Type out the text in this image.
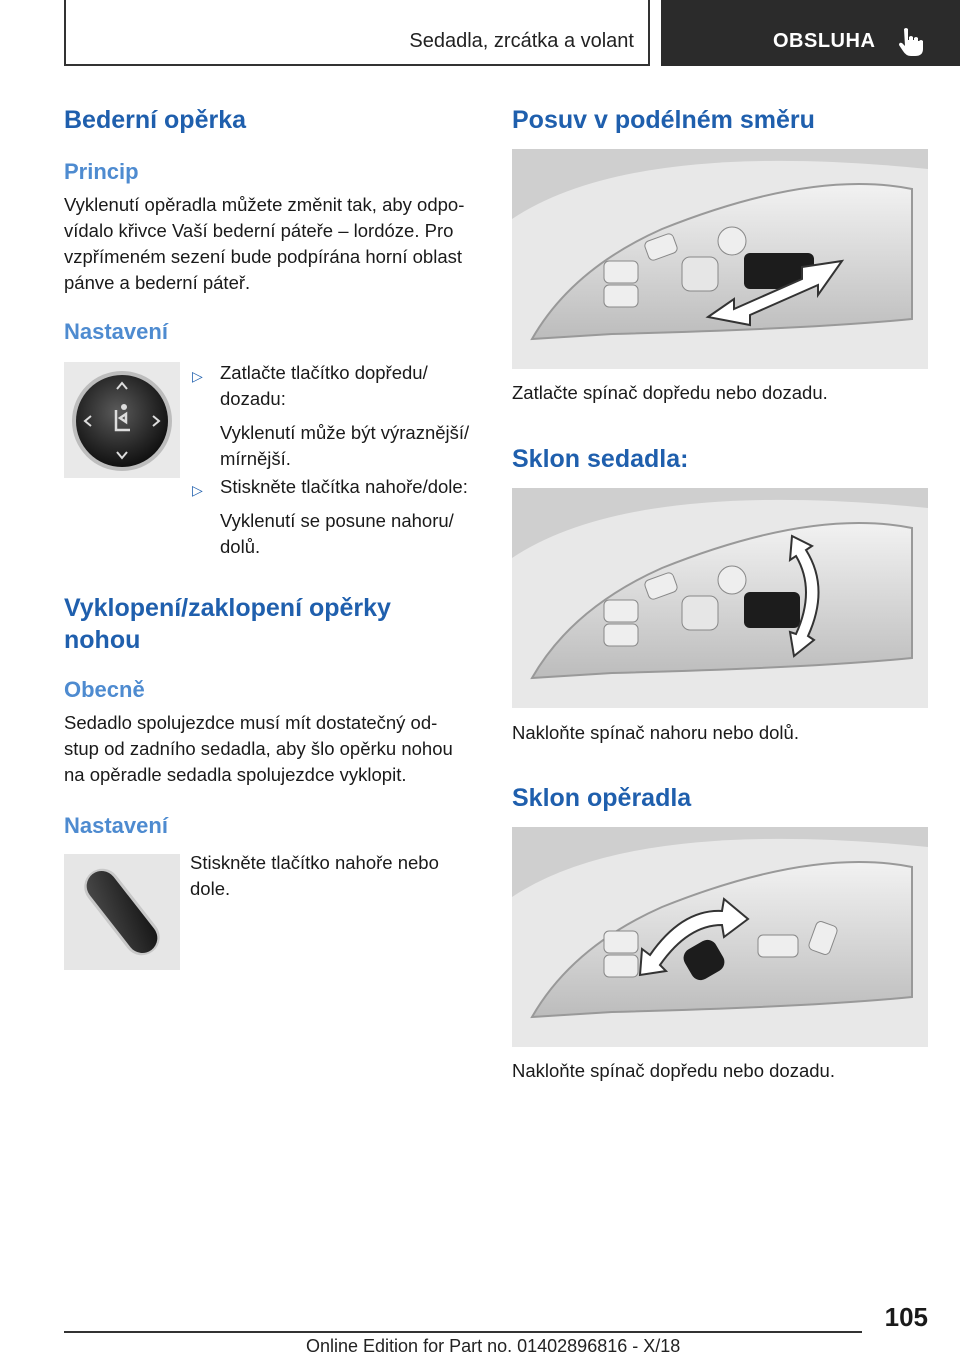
Sedadla, zrcátka a volant	OBSLUHA
Bederní opěrka
Princip
Vyklenutí opěradla můžete změnit tak, aby odpo‐
vídalo křivce Vaší bederní páteře – lordóze. Pro
vzpřímeném sezení bude podpírána horní oblast
pánve a bederní páteř.
Nastavení
▷ Zatlačte tlačítko dopředu/
dozadu:
Vyklenutí může být výraznější/
mírnější.
▷ Stiskněte tlačítka nahoře/dole:
Vyklenutí se posune nahoru/
dolů.
Vyklopení/zaklopení opěrky
nohou
Obecně
Sedadlo spolujezdce musí mít dostatečný od‐
stup od zadního sedadla, aby šlo opěrku nohou
na opěradle sedadla spolujezdce vyklopit.
Nastavení
Stiskněte tlačítko nahoře nebo
dole.
Posuv v podélném směru
Zatlačte spínač dopředu nebo dozadu.
Sklon sedadla:
Nakloňte spínač nahoru nebo dolů.
Sklon opěradla
Nakloňte spínač dopředu nebo dozadu.
105
Online Edition for Part no. 01402896816 - X/18
